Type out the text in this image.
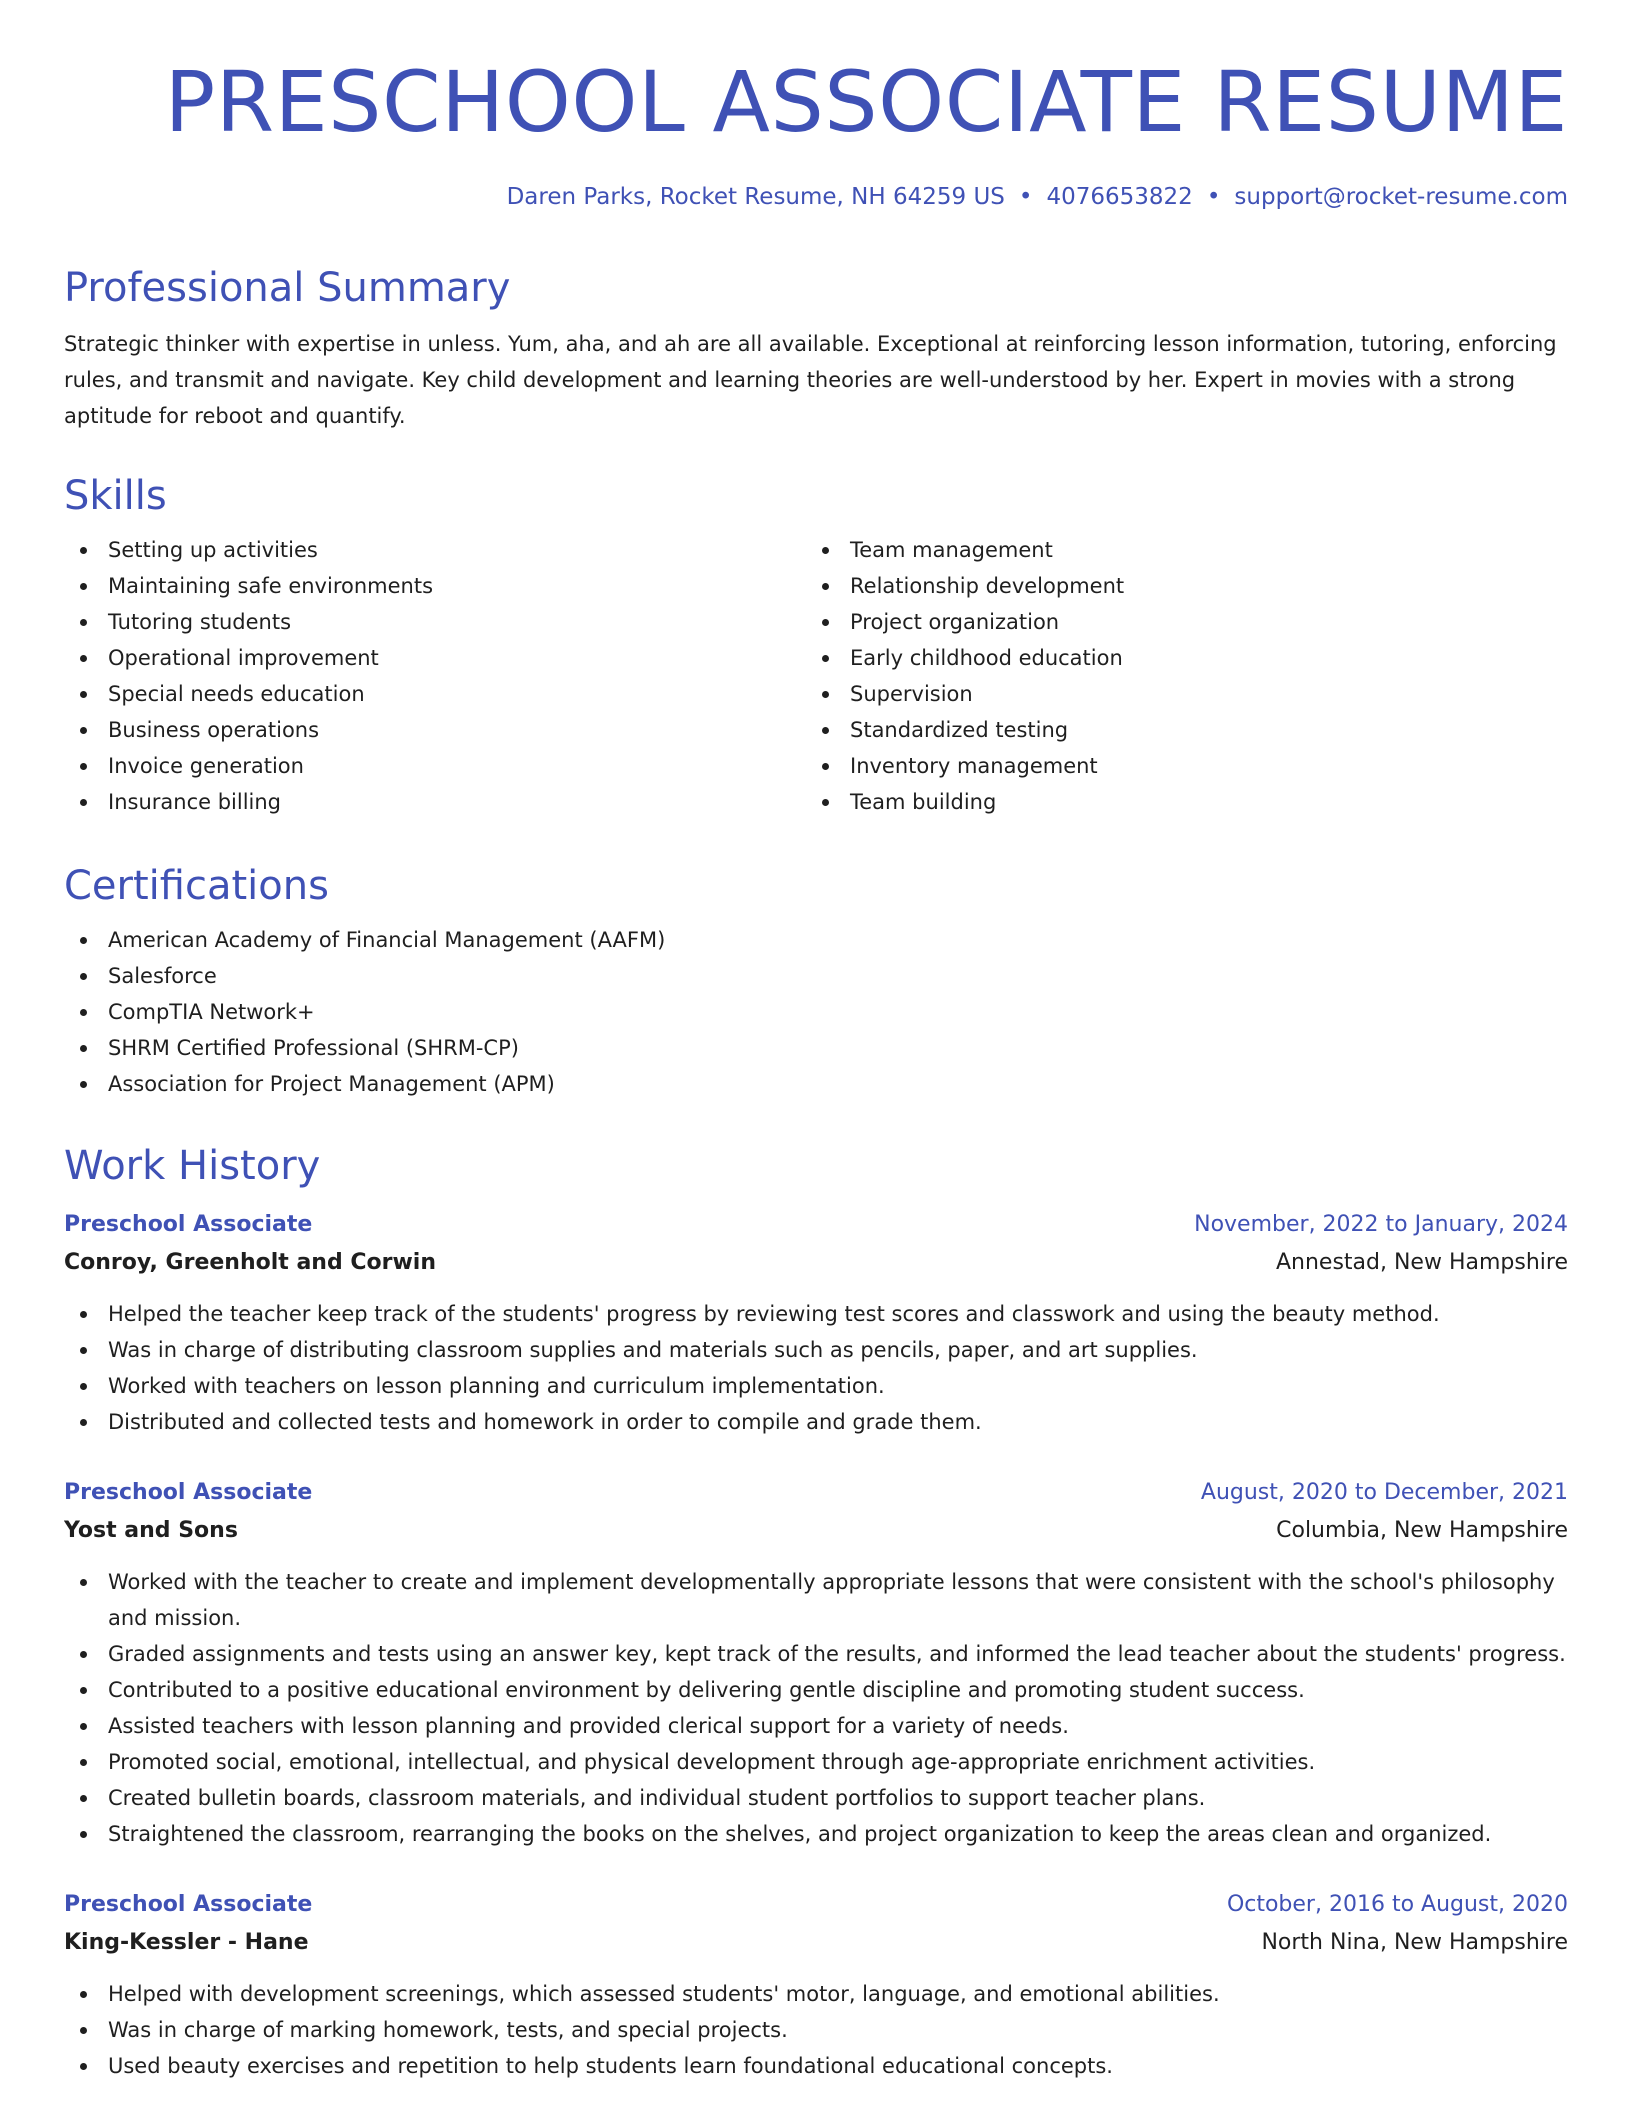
PRESCHOOL ASSOCIATE RESUME
Daren Parks, Rocket Resume, NH 64259 US • 4076653822 • support@rocket-resume.com
Professional Summary

Strategic thinker with expertise in unless. Yum, aha, and ah are all available. Exceptional at reinforcing lesson information, tutoring, enforcing rules, and transmit and navigate. Key child development and learning theories are well-understood by her. Expert in movies with a strong aptitude for reboot and quantify.

Skills
Setting up activities
Maintaining safe environments
Tutoring students
Operational improvement
Special needs education
Business operations
Invoice generation
Insurance billing
Team management
Relationship development
Project organization
Early childhood education
Supervision
Standardized testing
Inventory management
Team building
Certifications
American Academy of Financial Management (AAFM)
Salesforce
CompTIA Network+
SHRM Certified Professional (SHRM-CP)
Association for Project Management (APM)
Work History
Preschool Associate	November, 2022 to January, 2024
Conroy, Greenholt and Corwin	Annestad, New Hampshire
Helped the teacher keep track of the students' progress by reviewing test scores and classwork and using the beauty method.
Was in charge of distributing classroom supplies and materials such as pencils, paper, and art supplies.
Worked with teachers on lesson planning and curriculum implementation.
Distributed and collected tests and homework in order to compile and grade them.
Preschool Associate	August, 2020 to December, 2021
Yost and Sons	Columbia, New Hampshire
Worked with the teacher to create and implement developmentally appropriate lessons that were consistent with the school's philosophy and mission.
Graded assignments and tests using an answer key, kept track of the results, and informed the lead teacher about the students' progress.
Contributed to a positive educational environment by delivering gentle discipline and promoting student success.
Assisted teachers with lesson planning and provided clerical support for a variety of needs.
Promoted social, emotional, intellectual, and physical development through age-appropriate enrichment activities.
Created bulletin boards, classroom materials, and individual student portfolios to support teacher plans.
Straightened the classroom, rearranging the books on the shelves, and project organization to keep the areas clean and organized.
Preschool Associate	October, 2016 to August, 2020
King-Kessler - Hane	North Nina, New Hampshire
Helped with development screenings, which assessed students' motor, language, and emotional abilities.
Was in charge of marking homework, tests, and special projects.
Used beauty exercises and repetition to help students learn foundational educational concepts.
